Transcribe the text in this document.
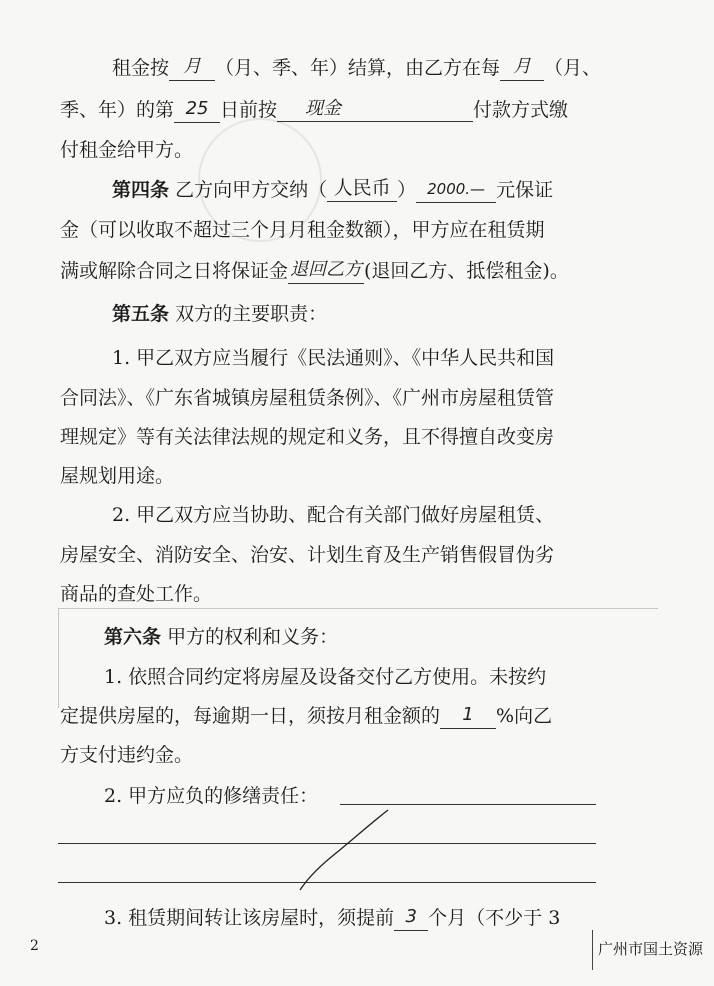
租金按 月 （月、季、年）结算，由乙方在每 月 （月、
季、年）的第 25 日前按 现金	付款方式缴
付租金给甲方。
第四条 乙方向甲方交纳（ 人民币 ） 2000.— 元保证
金（可以收取不超过三个月月租金数额），甲方应在租赁期
满或解除合同之日将保证金 退回乙方 (退回乙方、抵偿租金)。
第五条 双方的主要职责：
1. 甲乙双方应当履行《民法通则》、《中华人民共和国
合同法》、《广东省城镇房屋租赁条例》、《广州市房屋租赁管
理规定》等有关法律法规的规定和义务，且不得擅自改变房
屋规划用途。
2. 甲乙双方应当协助、配合有关部门做好房屋租赁、
房屋安全、消防安全、治安、计划生育及生产销售假冒伪劣
商品的查处工作。
第六条 甲方的权利和义务：
1. 依照合同约定将房屋及设备交付乙方使用。未按约
定提供房屋的，每逾期一日，须按月租金额的 1 %向乙
方支付违约金。
2. 甲方应负的修缮责任：
3. 租赁期间转让该房屋时，须提前 3 个月（不少于 3
2	广州市国土资源
